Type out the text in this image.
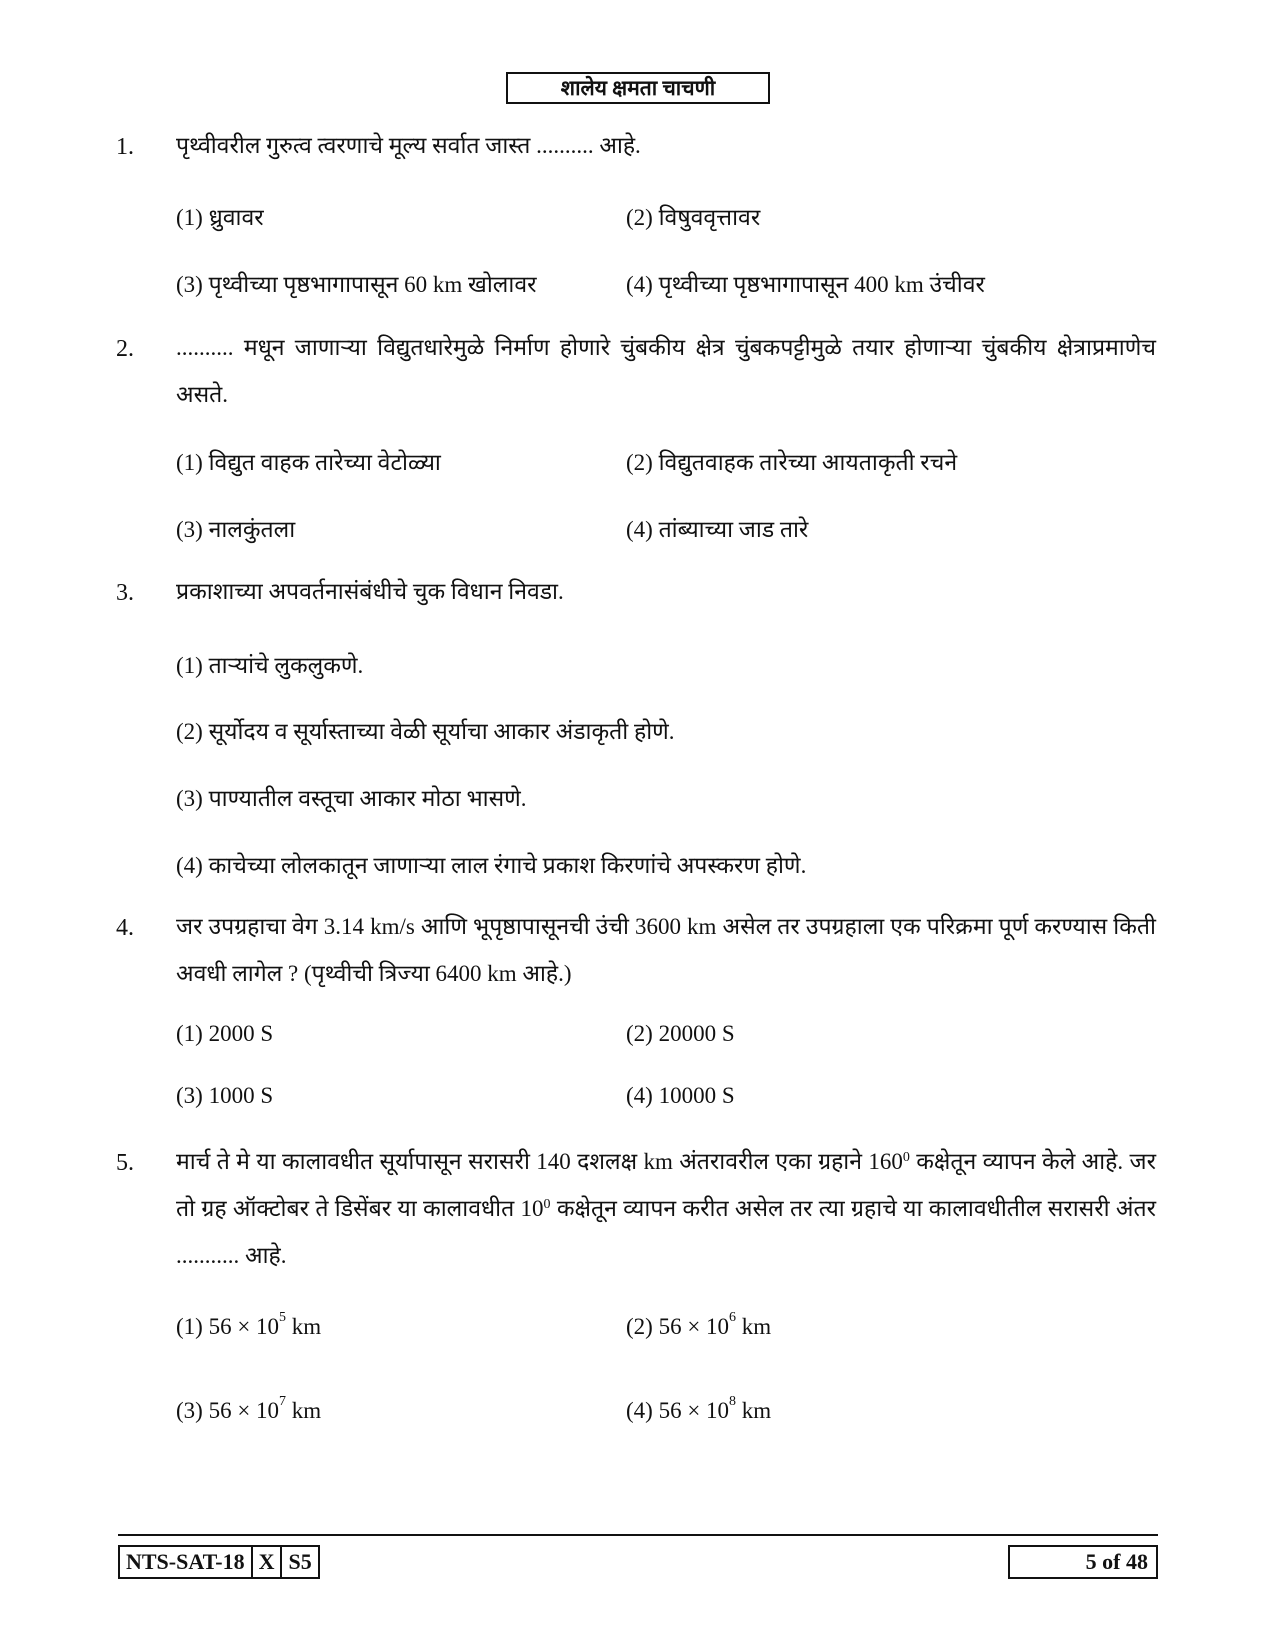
शालेय क्षमता चाचणी
1. पृथ्वीवरील गुरुत्व त्वरणाचे मूल्य सर्वात जास्त .......... आहे.
(1) ध्रुवावर	(2) विषुववृत्तावर
(3) पृथ्वीच्या पृष्ठभागापासून 60 km खोलावर	(4) पृथ्वीच्या पृष्ठभागापासून 400 km उंचीवर
2. .......... मधून जाणाऱ्या विद्युतधारेमुळे निर्माण होणारे चुंबकीय क्षेत्र चुंबकपट्टीमुळे तयार होणाऱ्या चुंबकीय क्षेत्राप्रमाणेच असते.
(1) विद्युत वाहक तारेच्या वेटोळ्या	(2) विद्युतवाहक तारेच्या आयताकृती रचने
(3) नालकुंतला	(4) तांब्याच्या जाड तारे
3. प्रकाशाच्या अपवर्तनासंबंधीचे चुक विधान निवडा.
(1) ताऱ्यांचे लुकलुकणे.
(2) सूर्योदय व सूर्यास्ताच्या वेळी सूर्याचा आकार अंडाकृती होणे.
(3) पाण्यातील वस्तूचा आकार मोठा भासणे.
(4) काचेच्या लोलकातून जाणाऱ्या लाल रंगाचे प्रकाश किरणांचे अपस्करण होणे.
4. जर उपग्रहाचा वेग 3.14 km/s आणि भूपृष्ठापासूनची उंची 3600 km असेल तर उपग्रहाला एक परिक्रमा पूर्ण करण्यास किती अवधी लागेल ? (पृथ्वीची त्रिज्या 6400 km आहे.)
(1) 2000 S	(2) 20000 S
(3) 1000 S	(4) 10000 S
5. मार्च ते मे या कालावधीत सूर्यापासून सरासरी 140 दशलक्ष km अंतरावरील एका ग्रहाने $160^0$ कक्षेतून व्यापन केले आहे. जर तो ग्रह ऑक्टोबर ते डिसेंबर या कालावधीत $10^0$ कक्षेतून व्यापन करीत असेल तर त्या ग्रहाचे या कालावधीतील सरासरी अंतर ........... आहे.
(1) $56 \times 10^5$ km	(2) $56 \times 10^6$ km
(3) $56 \times 10^7$ km	(4) $56 \times 10^8$ km
NTS-SAT-18 X S5	5 of 48
